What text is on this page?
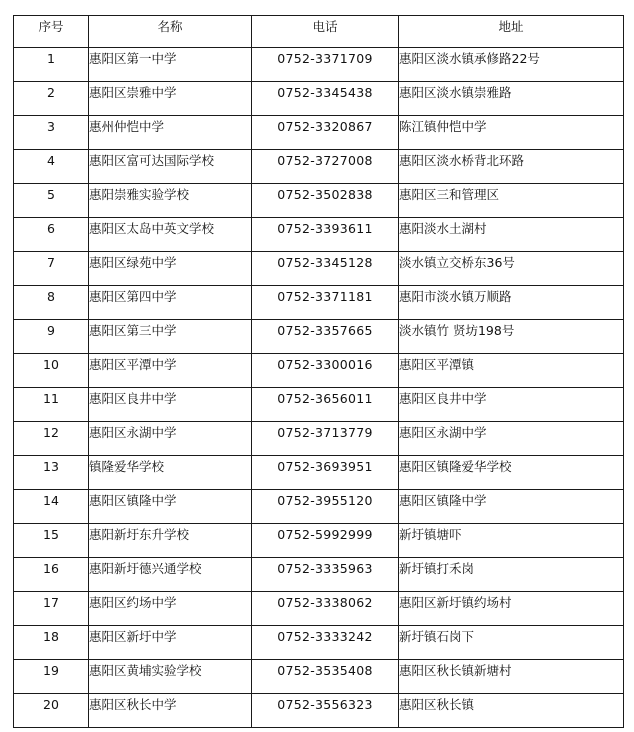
序号	名称	电话	地址
1	惠阳区第一中学	0752-3371709	惠阳区淡水镇承修路22号
2	惠阳区崇雅中学	0752-3345438	惠阳区淡水镇崇雅路
3	惠州仲恺中学	0752-3320867	陈江镇仲恺中学
4	惠阳区富可达国际学校	0752-3727008	惠阳区淡水桥背北环路
5	惠阳崇雅实验学校	0752-3502838	惠阳区三和管理区
6	惠阳区太岛中英文学校	0752-3393611	惠阳淡水土湖村
7	惠阳区绿苑中学	0752-3345128	淡水镇立交桥东36号
8	惠阳区第四中学	0752-3371181	惠阳市淡水镇万顺路
9	惠阳区第三中学	0752-3357665	淡水镇竹 贤坊198号
10	惠阳区平潭中学	0752-3300016	惠阳区平潭镇
11	惠阳区良井中学	0752-3656011	惠阳区良井中学
12	惠阳区永湖中学	0752-3713779	惠阳区永湖中学
13	镇隆爱华学校	0752-3693951	惠阳区镇隆爱华学校
14	惠阳区镇隆中学	0752-3955120	惠阳区镇隆中学
15	惠阳新圩东升学校	0752-5992999	新圩镇塘吓
16	惠阳新圩德兴通学校	0752-3335963	新圩镇打禾岗
17	惠阳区约场中学	0752-3338062	惠阳区新圩镇约场村
18	惠阳区新圩中学	0752-3333242	新圩镇石岗下
19	惠阳区黄埔实验学校	0752-3535408	惠阳区秋长镇新塘村
20	惠阳区秋长中学	0752-3556323	惠阳区秋长镇
